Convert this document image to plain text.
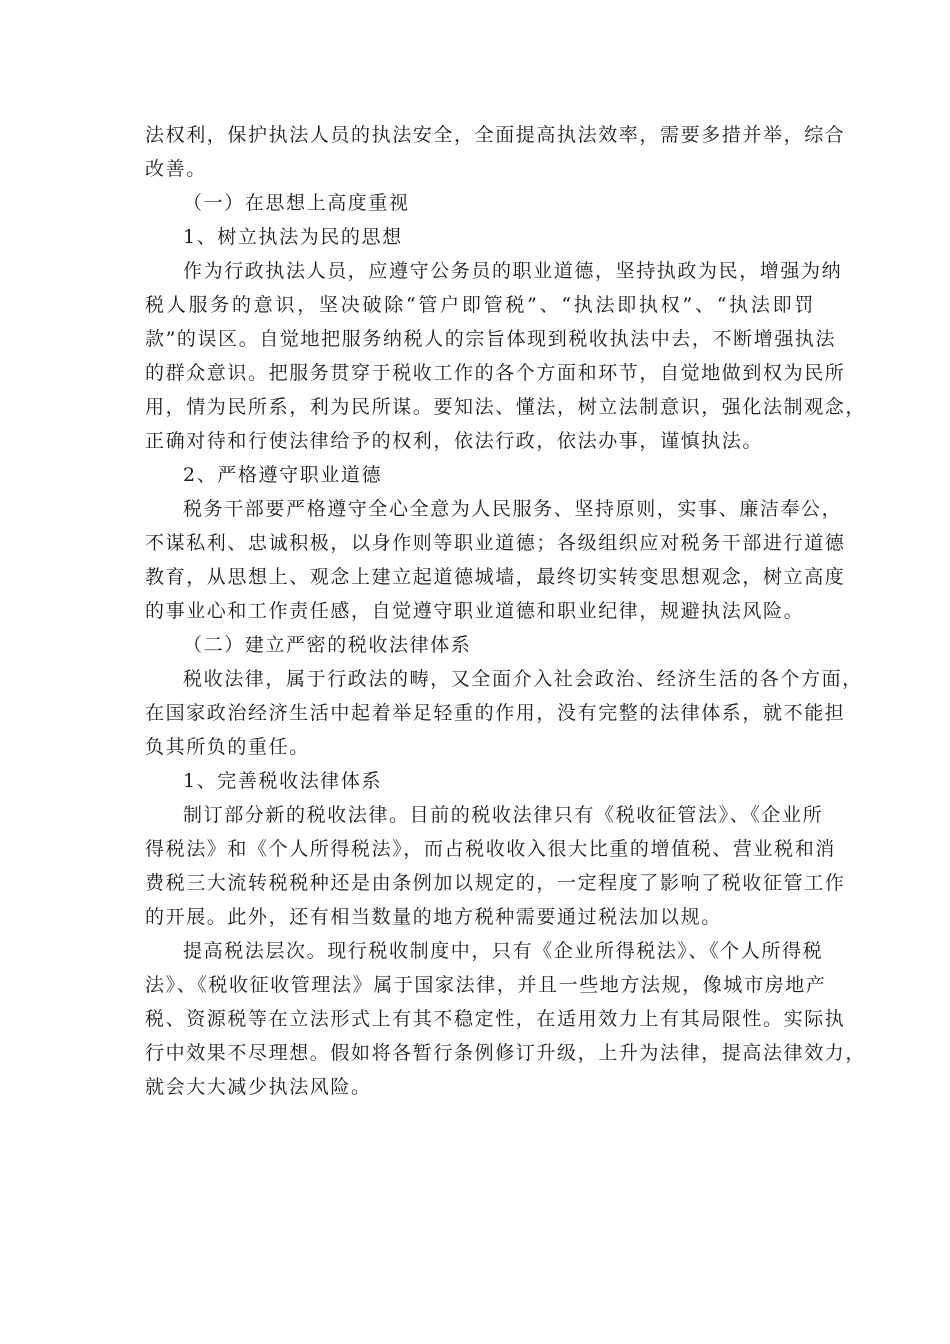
法权利，保护执法人员的执法安全，全面提高执法效率，需要多措并举，综合
改善。
（一）在思想上高度重视
1、树立执法为民的思想
作为行政执法人员，应遵守公务员的职业道德，坚持执政为民，增强为纳
税人服务的意识，坚决破除“管户即管税”、“执法即执权”、“执法即罚
款”的误区。自觉地把服务纳税人的宗旨体现到税收执法中去，不断增强执法
的群众意识。把服务贯穿于税收工作的各个方面和环节，自觉地做到权为民所
用，情为民所系，利为民所谋。要知法、懂法，树立法制意识，强化法制观念，
正确对待和行使法律给予的权利，依法行政，依法办事，谨慎执法。
2、严格遵守职业道德
税务干部要严格遵守全心全意为人民服务、坚持原则，实事、廉洁奉公，
不谋私利、忠诚积极，以身作则等职业道德；各级组织应对税务干部进行道德
教育，从思想上、观念上建立起道德城墙，最终切实转变思想观念，树立高度
的事业心和工作责任感，自觉遵守职业道德和职业纪律，规避执法风险。
（二）建立严密的税收法律体系
税收法律，属于行政法的畴，又全面介入社会政治、经济生活的各个方面，
在国家政治经济生活中起着举足轻重的作用，没有完整的法律体系，就不能担
负其所负的重任。
1、完善税收法律体系
制订部分新的税收法律。目前的税收法律只有《税收征管法》、《企业所
得税法》和《个人所得税法》，而占税收收入很大比重的增值税、营业税和消
费税三大流转税税种还是由条例加以规定的，一定程度了影响了税收征管工作
的开展。此外，还有相当数量的地方税种需要通过税法加以规。
提高税法层次。现行税收制度中，只有《企业所得税法》、《个人所得税
法》、《税收征收管理法》属于国家法律，并且一些地方法规，像城市房地产
税、资源税等在立法形式上有其不稳定性，在适用效力上有其局限性。实际执
行中效果不尽理想。假如将各暂行条例修订升级，上升为法律，提高法律效力，
就会大大减少执法风险。
